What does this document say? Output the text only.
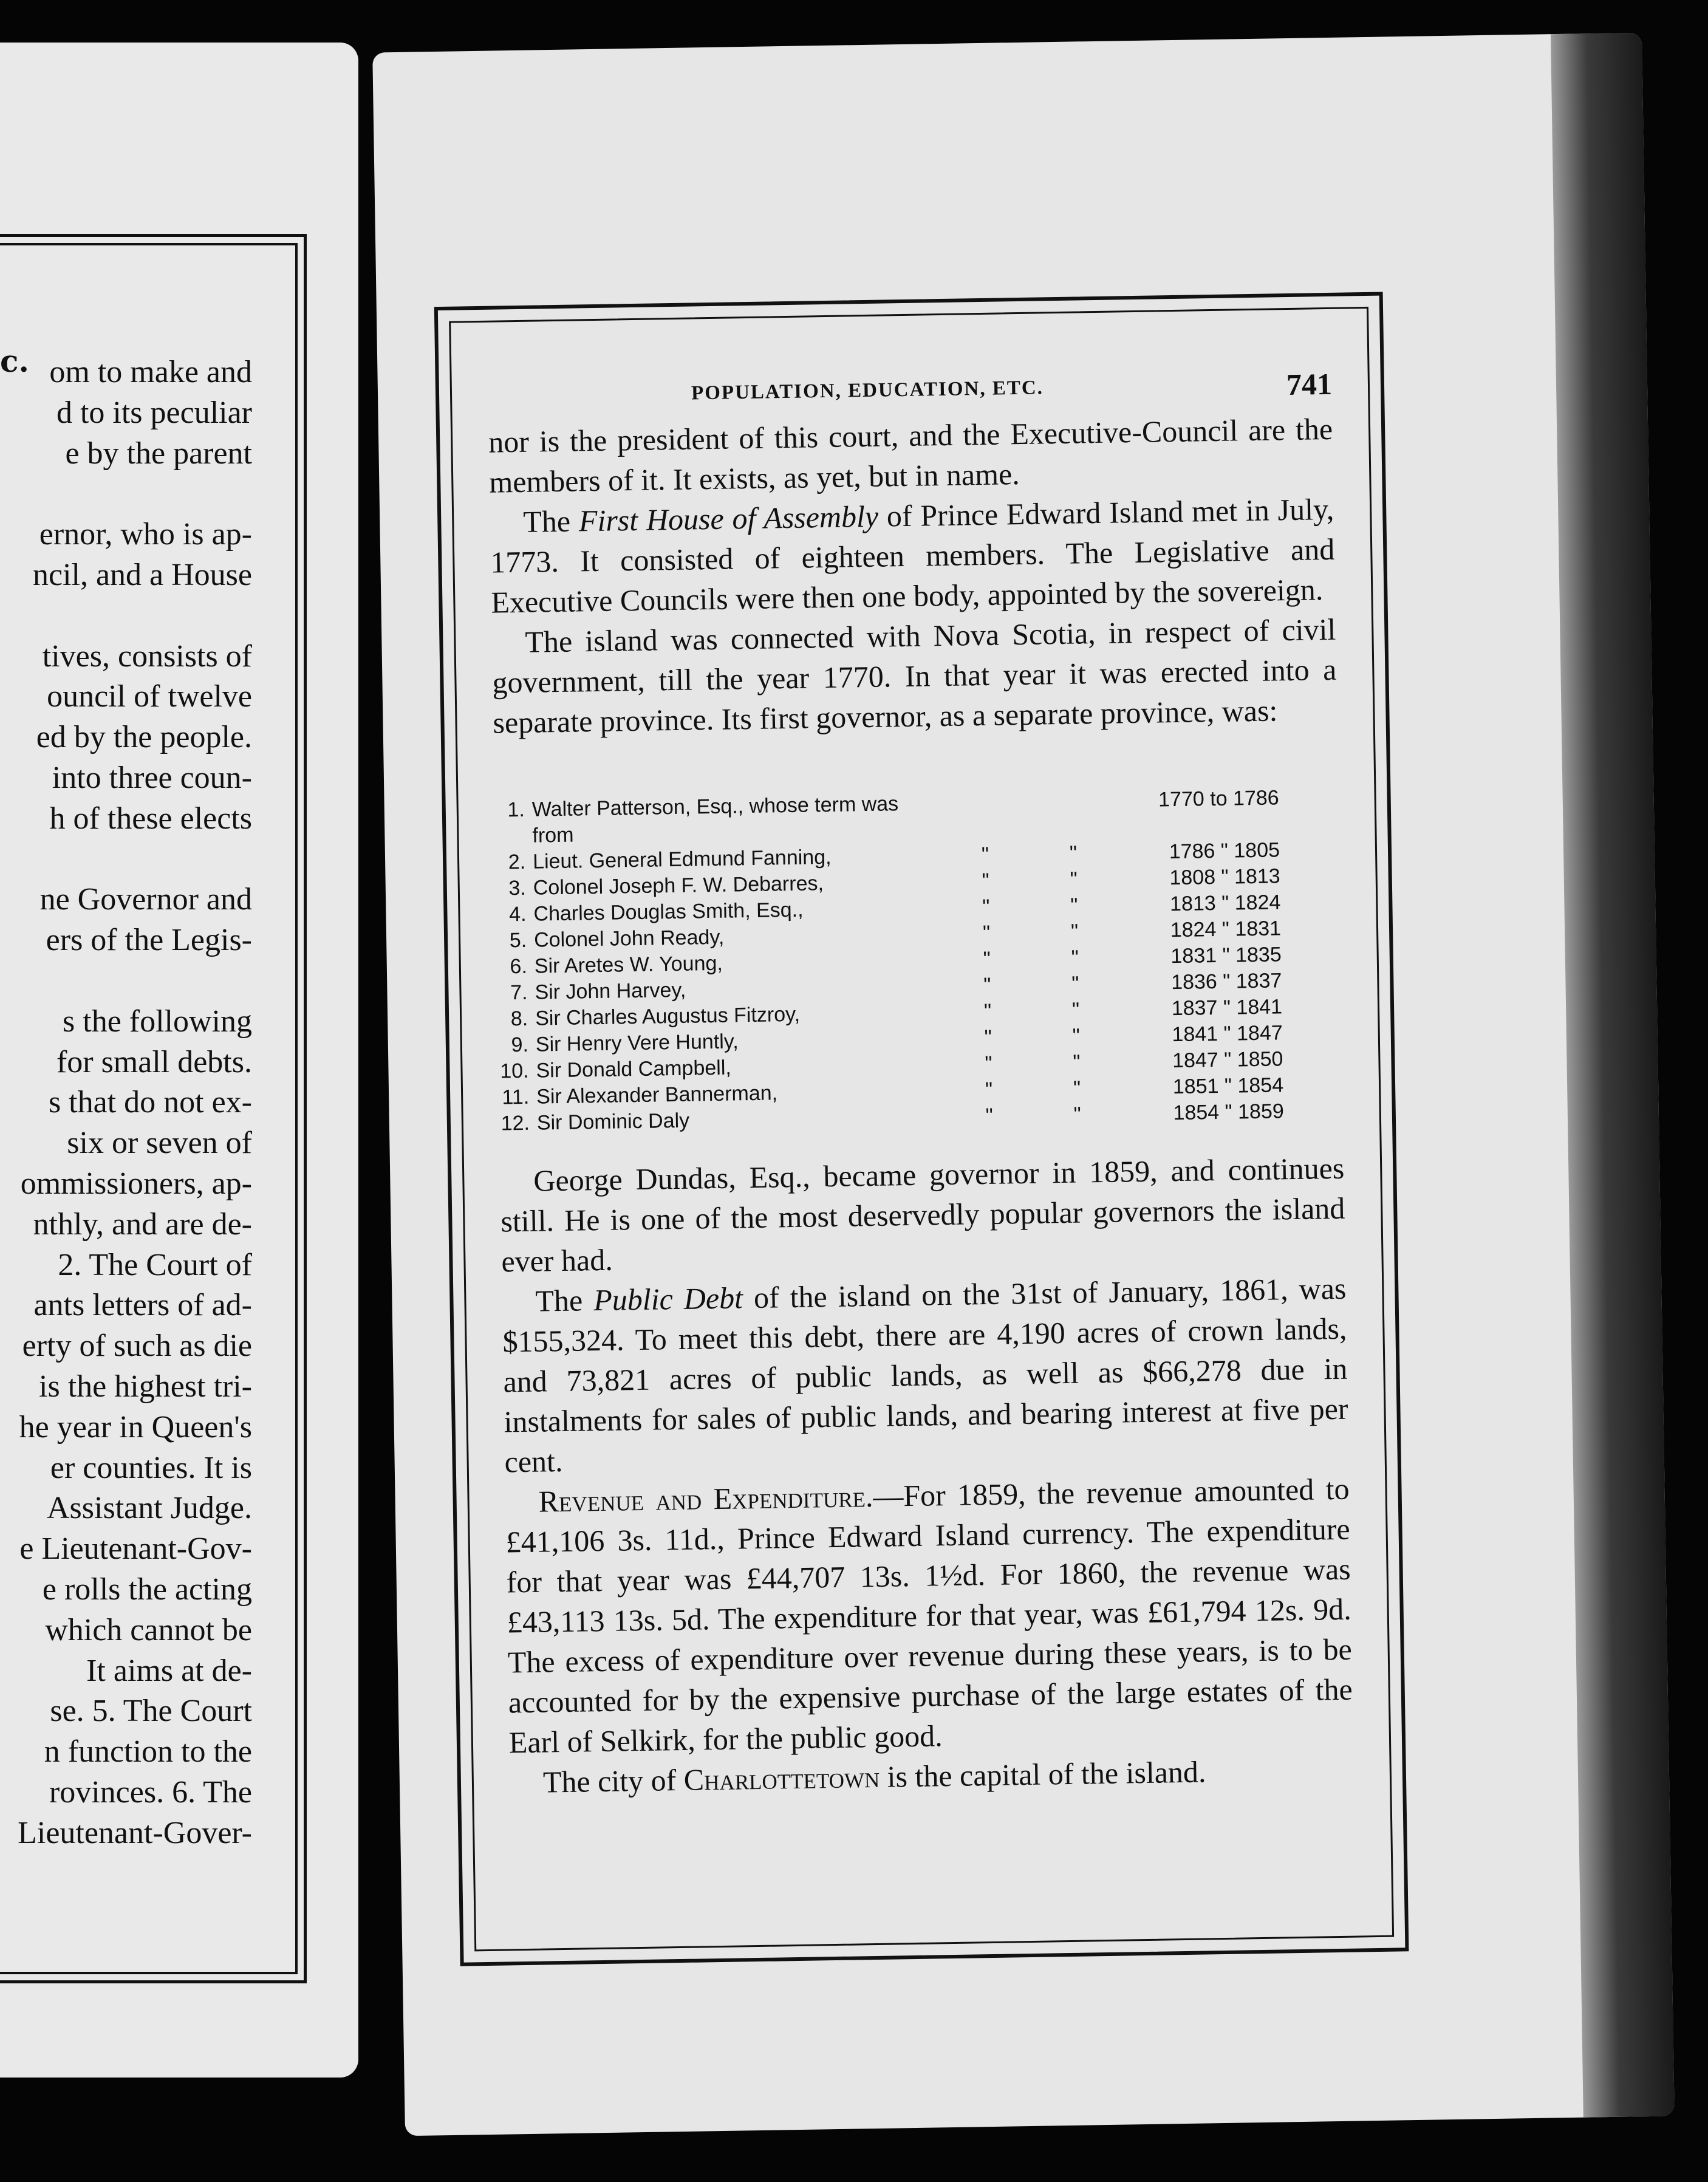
c. om to make and
d to its peculiar
e by the parent

ernor, who is ap-
ncil, and a House

tives, consists of
ouncil of twelve
ed by the people.
into three coun-
h of these elects

ne Governor and
ers of the Legis-

s the following
for small debts.
s that do not ex-
six or seven of
ommissioners, ap-
nthly, and are de-
2. The Court of
ants letters of ad-
erty of such as die
is the highest tri-
he year in Queen's
er counties. It is
Assistant Judge.
e Lieutenant-Gov-
e rolls the acting
which cannot be
It aims at de-
se. 5. The Court
n function to the
rovinces. 6. The
Lieutenant-Gover-
POPULATION, EDUCATION, ETC.	741

nor is the president of this court, and the Executive-Council are the members of it. It exists, as yet, but in name.

The First House of Assembly of Prince Edward Island met in July, 1773. It consisted of eighteen members. The Legislative and Executive Councils were then one body, appointed by the sovereign.

The island was connected with Nova Scotia, in respect of civil government, till the year 1770. In that year it was erected into a separate province. Its first governor, as a separate province, was:

1. Walter Patterson, Esq., whose term was from
1770 to 1786
2. Lieut. General Edmund Fanning,	"	"	1786 " 1805
3. Colonel Joseph F. W. Debarres,	"	"	1808 " 1813
4. Charles Douglas Smith, Esq.,	"	"	1813 " 1824
5. Colonel John Ready,	"	"	1824 " 1831
6. Sir Aretes W. Young,	"	"	1831 " 1835
7. Sir John Harvey,	"	"	1836 " 1837
8. Sir Charles Augustus Fitzroy,	"	"	1837 " 1841
9. Sir Henry Vere Huntly,	"	"	1841 " 1847
10. Sir Donald Campbell,	"	"	1847 " 1850
11. Sir Alexander Bannerman,	"	"	1851 " 1854
12. Sir Dominic Daly	"	"	1854 " 1859

George Dundas, Esq., became governor in 1859, and continues still. He is one of the most deservedly popular governors the island ever had.

The Public Debt of the island on the 31st of January, 1861, was $155,324. To meet this debt, there are 4,190 acres of crown lands, and 73,821 acres of public lands, as well as $66,278 due in instalments for sales of public lands, and bearing interest at five per cent.

Revenue and Expenditure.—For 1859, the revenue amounted to £41,106 3s. 11d., Prince Edward Island currency. The expenditure for that year was £44,707 13s. 1½d. For 1860, the revenue was £43,113 13s. 5d. The expenditure for that year, was £61,794 12s. 9d. The excess of expenditure over revenue during these years, is to be accounted for by the expensive purchase of the large estates of the Earl of Selkirk, for the public good.

The city of Charlottetown is the capital of the island.
